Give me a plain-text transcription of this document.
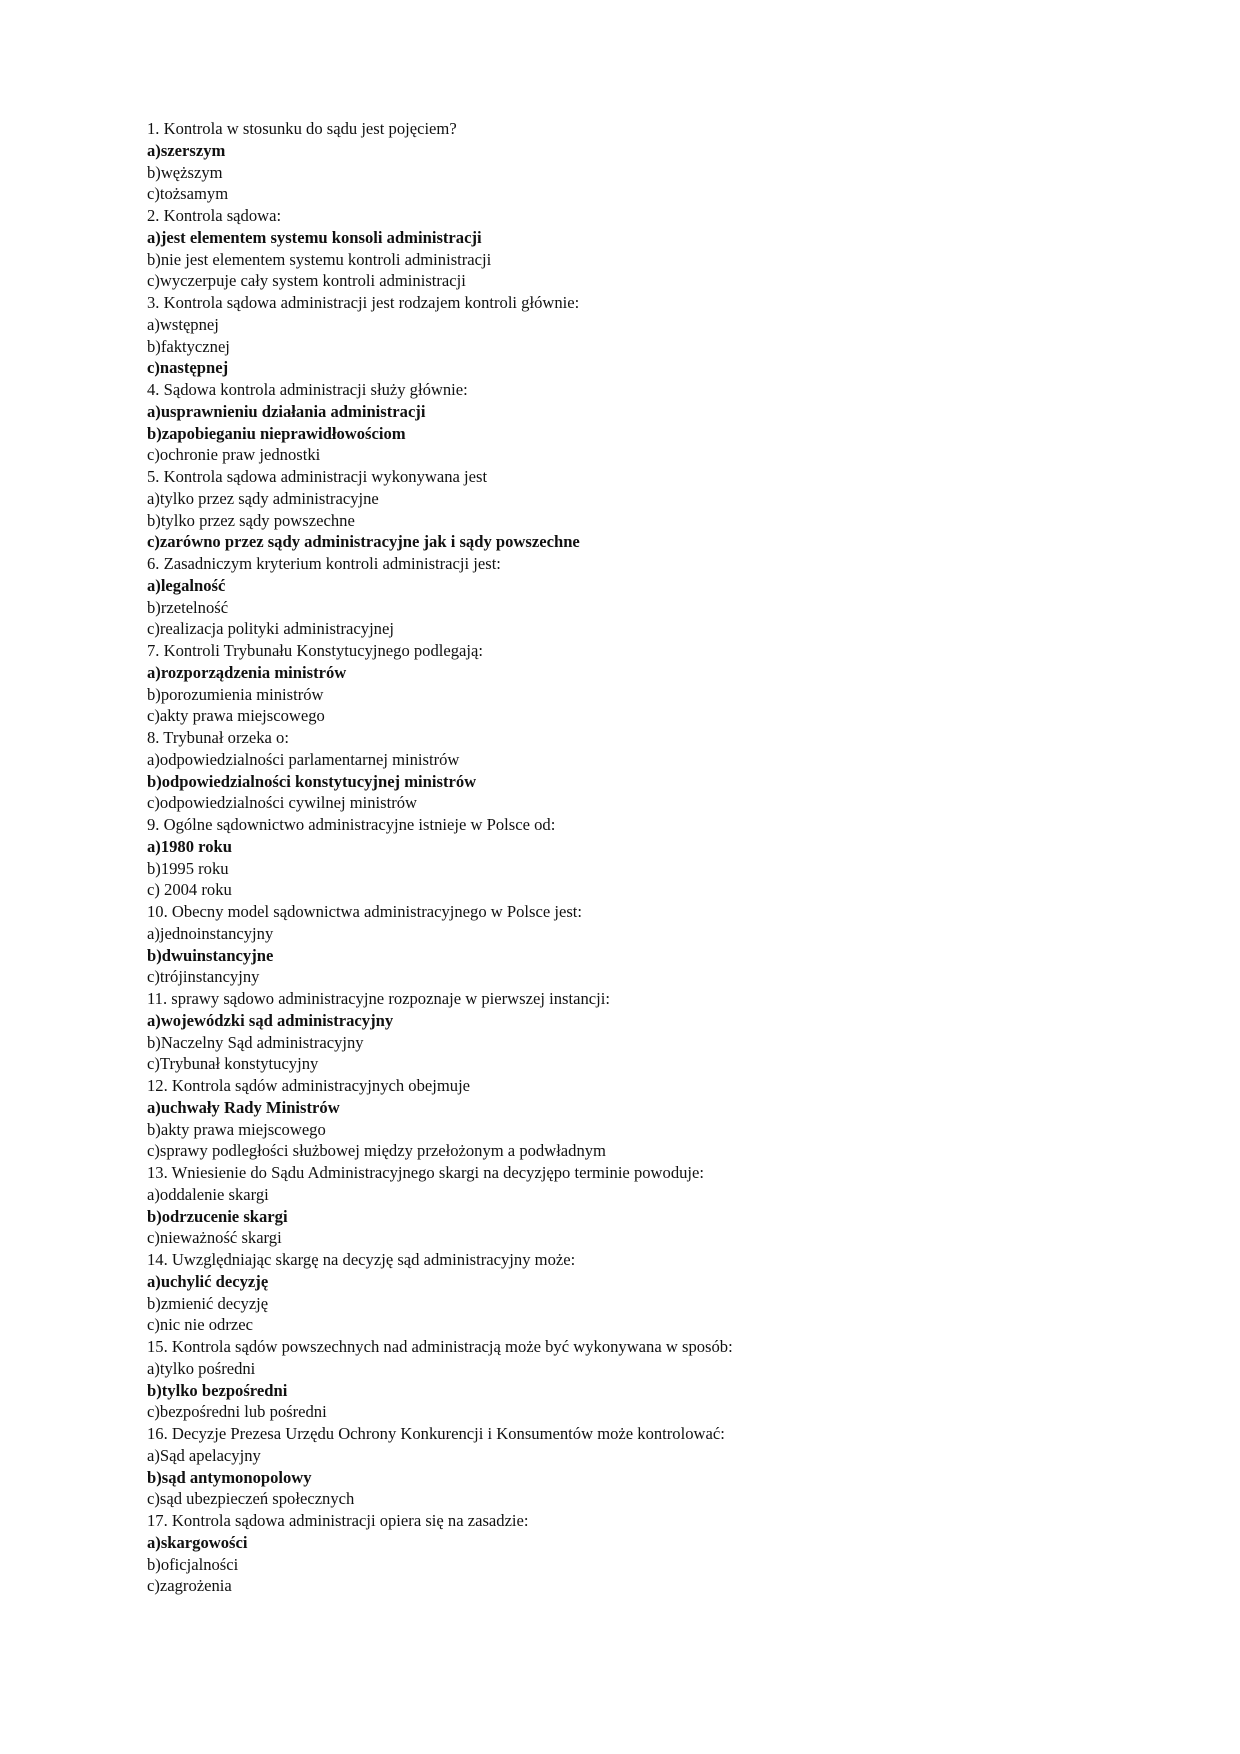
1. Kontrola w stosunku do sądu jest pojęciem?
a)szerszym
b)węższym
c)tożsamym
2. Kontrola sądowa:
a)jest elementem systemu konsoli administracji
b)nie jest elementem systemu kontroli administracji
c)wyczerpuje cały system kontroli administracji
3. Kontrola sądowa administracji jest rodzajem kontroli głównie:
a)wstępnej
b)faktycznej
c)następnej
4. Sądowa kontrola administracji służy głównie:
a)usprawnieniu działania administracji
b)zapobieganiu nieprawidłowościom
c)ochronie praw jednostki
5. Kontrola sądowa administracji wykonywana jest
a)tylko przez sądy administracyjne
b)tylko przez sądy powszechne
c)zarówno przez sądy administracyjne jak i sądy powszechne
6. Zasadniczym kryterium kontroli administracji jest:
a)legalność
b)rzetelność
c)realizacja polityki administracyjnej
7. Kontroli Trybunału Konstytucyjnego podlegają:
a)rozporządzenia ministrów
b)porozumienia ministrów
c)akty prawa miejscowego
8. Trybunał orzeka o:
a)odpowiedzialności parlamentarnej ministrów
b)odpowiedzialności konstytucyjnej ministrów
c)odpowiedzialności cywilnej ministrów
9. Ogólne sądownictwo administracyjne istnieje w Polsce od:
a)1980 roku
b)1995 roku
c) 2004 roku
10. Obecny model sądownictwa administracyjnego w Polsce jest:
a)jednoinstancyjny
b)dwuinstancyjne
c)trójinstancyjny
11. sprawy sądowo administracyjne rozpoznaje w pierwszej instancji:
a)wojewódzki sąd administracyjny
b)Naczelny Sąd administracyjny
c)Trybunał konstytucyjny
12. Kontrola sądów administracyjnych obejmuje
a)uchwały Rady Ministrów
b)akty prawa miejscowego
c)sprawy podległości służbowej między przełożonym a podwładnym
13. Wniesienie do Sądu Administracyjnego skargi na decyzjępo terminie powoduje:
a)oddalenie skargi
b)odrzucenie skargi
c)nieważność skargi
14. Uwzględniając skargę na decyzję sąd administracyjny może:
a)uchylić decyzję
b)zmienić decyzję
c)nic nie odrzec
15. Kontrola sądów powszechnych nad administracją może być wykonywana w sposób:
a)tylko pośredni
b)tylko bezpośredni
c)bezpośredni lub pośredni
16. Decyzje Prezesa Urzędu Ochrony Konkurencji i Konsumentów może kontrolować:
a)Sąd apelacyjny
b)sąd antymonopolowy
c)sąd ubezpieczeń społecznych
17. Kontrola sądowa administracji opiera się na zasadzie:
a)skargowości
b)oficjalności
c)zagrożenia
